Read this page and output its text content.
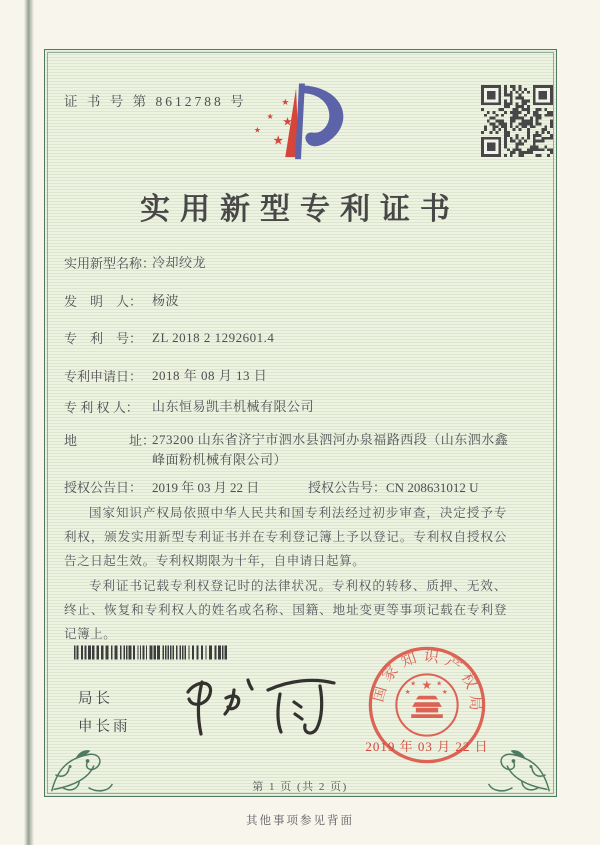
证 书 号 第 8612788 号	★
★ ★
★
★
实用新型专利证书
实用新型名称：冷却绞龙
发　明　人： 杨波
专　利　号： ZL 2018 2 1292601.4
专利申请日： 2018 年 08 月 13 日
专 利 权 人： 山东恒易凯丰机械有限公司
地　　　　址：273200 山东省济宁市泗水县泗河办泉福路西段（山东泗水鑫峰面粉机械有限公司）
授权公告日： 2019 年 03 月 22 日	授权公告号：CN 208631012 U

国家知识产权局依照中华人民共和国专利法经过初步审查，决定授予专利权，颁发实用新型专利证书并在专利登记簿上予以登记。专利权自授权公告之日起生效。专利权期限为十年，自申请日起算。

专利证书记载专利权登记时的法律状况。专利权的转移、质押、无效、终止、恢复和专利权人的姓名或名称、国籍、地址变更等事项记载在专利登记簿上。

局长
申长雨
国家知识产权局
★
★	★
★	★
2019 年 03 月 22 日
第 1 页 (共 2 页)
其他事项参见背面
